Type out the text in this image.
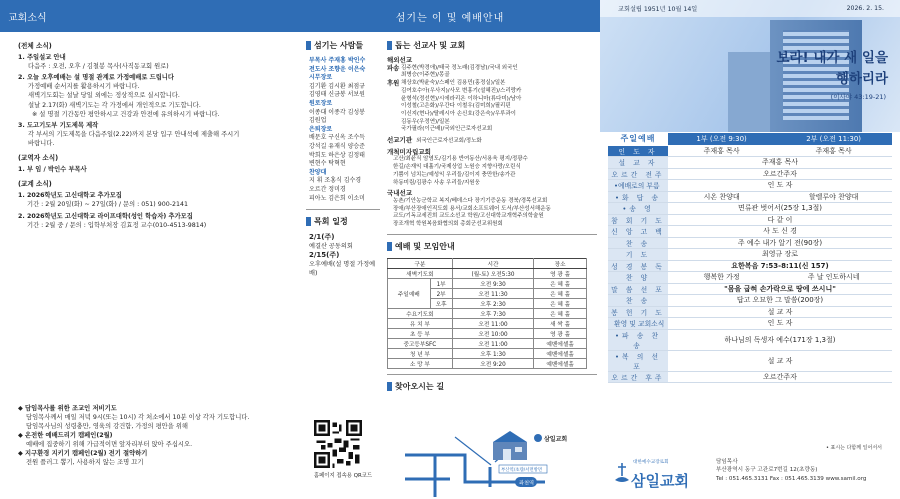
교회소식
(전체 소식)
1. 주일설교 안내
다음주 : 오전, 오후 / 김철봉 목사(사직동교회 원로)
2. 오늘 오후예배는 설 명절 관계로 가정예배로 드립니다
가정예배 순서지를 활용하시기 바랍니다.
새벽기도회는 설날 당일 외에는 정상적으로 실시합니다.
설날 2.17(화) 새벽기도는 각 가정에서 개인적으로 기도합니다.
※ 설 명절 기간동안 평안하시고 건강과 안전에 유의하시기 바랍니다.
3. 도고기도부 기도제목 제작
각 부서의 기도제목을 다음주일(2.22)까지 본당 입구 안내석에 제출해 주시기
바랍니다.
(교역자 소식)
1. 부 임 / 박인수 부목사
(교계 소식)
1. 2026학년도 고신대학교 추가모집
기간 : 2월 20일(화) ~ 27일(화) / 문의 : 051) 900-2141
2. 2026학년도 고신대학교 라이프대학(성인 학습자) 추가모집
기간 : 2월 중 / 문의 : 입학부처장 김효정 교수(010-4513-9814)
◆ 담임목사를 위한 조교인 저비기도
담임목사께서 매일 저녁 9시(또는 10시) 각 처소에서 10분 이상 각자 기도합니다.
담임목사님의 성령충만, 영육의 강건함, 가정의 평안을 위해
◆ 온전한 예배드리기 캠페인(2월)
예배에 집중하기 위해 가급적이면 앞자리부터 앉아 주십시오.
◆ 지구환경 지키기 캠페인(2월) 전기 절약하기
전원 플러그 뽑기, 사용하지 않는 조명 끄기
섬기는 이 및 예배안내
섬기는 사람들
부목사 주재홍 박인수
전도사 조향운 이은숙
시무장로
김기환 김시환 최점규
김영태 신금봉 서보원
원로장로
이종대 이종각 김성봉
김원업
은퇴장로
배문호 구신옥 조수득
강석길 유재식 양승준
박희도 하은상 김정태
변현수 탁혁현
찬양대
지 휘 조홍식 김수경
오르간 정미경
피아노 김은희 이소미
목회 일정
2/1(주)
예결산 공동의회
2/15(주)
오후예배(설 명절 가정예배)
돕는 선교사 및 교회
해외선교
파송 김주현(박경애)/태국 정노래(김경남)/국내 외국인
최병승(이주현)/몽골
후원 채상호(박윤숙)/스페인 김용민(홍정실)/일본
김여호수아(우사지)/사모 변홍기(설혜진)/스리랑카
윤형석(정선현)/시에라리온 이하니마(류다미)/남아
이성철(고은화)/우간다 이철우(김미희)/필리핀
이신지(현나)/탈레시아 손신호(강은숙)/우루과이
김동우(우정연)/일본
국가필라(이근배)/국외인근로자선교회
선교기관 외국인근로자선교회/정노화
개척미자립교회
고산/최윤식 암염도/김기용 반여동산/서용욱 평지/정광수
한길/손재익 대흘기/국제상업 노원승 지향사랑/오린식
기쁨이 넘치는/예성익 우리들/김이지 충만한/송가관
하동미림/김광수 사송 우리들/지원웅
국내선교
농촌/기안농군학교 복지/베데스다 장기기증운동 경북/경목선교회
장애/부산장애인직도회 용서/교회소프트웨어 도서/부산성서해운동
교도/기독교세진희 교도소선교 학원/고신대학교개혁주의학술원
장조개혁 학원복음화협의회 총회군선교위원회
예배 및 모임안내
구분		시간	장소
새벽기도회		(월-토) 오전5:30	영 광 홀
주일예배	1부	오전 9:30	은 혜 홀
	2부	오전 11:30	은 혜 홀
	오후	오후 2:30	은 혜 홀
수요기도회		오후 7:30	은 혜 홀
유 치 부		오전 11:00	새 싹 홀
초 등 부		오전 10:00	영 광 홀
중고등부SFC		오전 11:00	예벤에셀홀
청 년 부		오후 1:30	예벤에셀홀
소 망 부		오전 9:20	예벤에셀홀
찾아오시는 길
홈페이지 접속용 QR코드
삼일교회
좌천역
부산역/초량/서면방면
교회설립 1951년 10월 14일	2026. 2. 15.
보라! 내가 새 일을
행하리라
(이사야 43:19-21)
주일예배	1부 (오전 9:30)	2부 (오전 11:30)
인 도 자	주재홍 목사	주재홍 목사
설 교 자	주재홍 목사	
오르간 전주	오르간주자	
•예배로의 부름	인 도 자	
•화 답 송	시온 찬양대	할렐루야 찬양대
•송 영	면류관 벗어서(25장 1,3절)	
참 회 기 도	다 같 이	
신 앙 고 백	사 도 신 경	
찬 송	주 예수 내가 알기 전(90장)	
기 도	최영규 장로	
성 경 봉 독	요한복음 7:53-8:11(신 157)	
찬 양	행복한 가정	주 날 인도하시네
말 씀 선 포	"몸을 굽혀 손가락으로 땅에 쓰시니"	
찬 송	답고 오묘한 그 말씀(200장)	
봉 헌 기 도	설 교 자	
환영 및 교회소식	인 도 자	
•파 송 찬 송	하나님의 독생자 예수(171장 1,3절)	
•복 의 선 포	설 교 자	
오르간 후주	오르간주자	
• 표시는 다함께 일어서서
대한예수교장로회
삼일교회
담임목사
부산광역시 동구 고관로7번길 12(초량동)
Tel : 051.465.3131 Fax : 051.465.3139 www.samil.org
